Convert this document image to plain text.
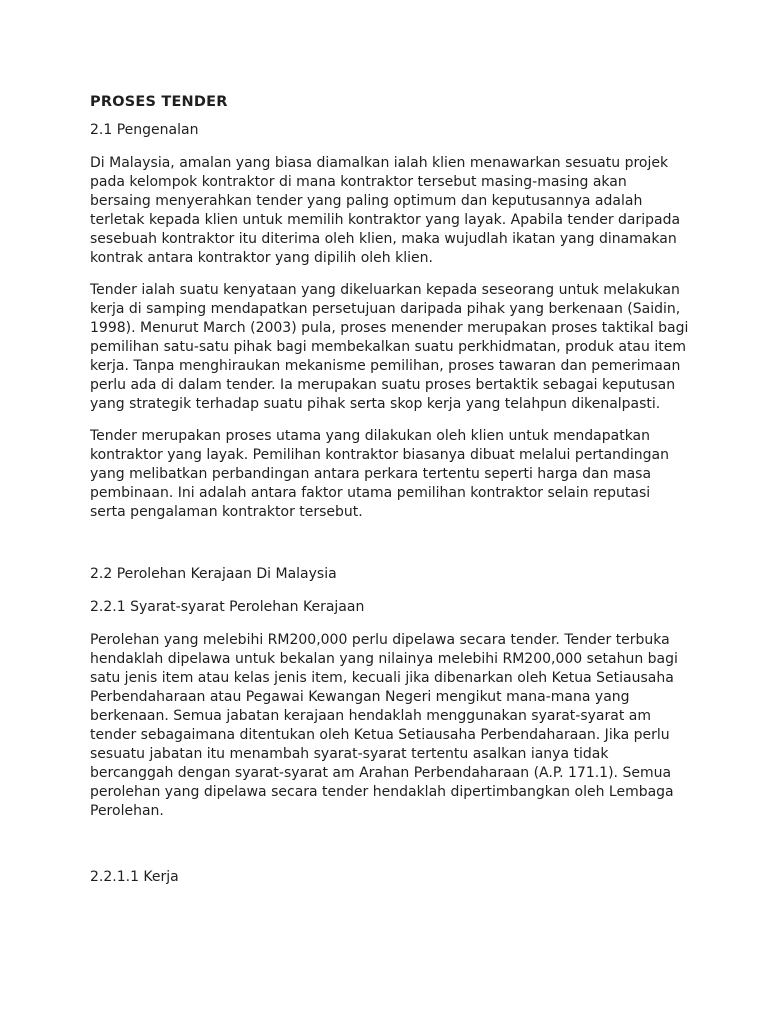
PROSES TENDER
2.1 Pengenalan

Di Malaysia, amalan yang biasa diamalkan ialah klien menawarkan sesuatu projek pada kelompok kontraktor di mana kontraktor tersebut masing-masing akan bersaing menyerahkan tender yang paling optimum dan keputusannya adalah terletak kepada klien untuk memilih kontraktor yang layak. Apabila tender daripada sesebuah kontraktor itu diterima oleh klien, maka wujudlah ikatan yang dinamakan kontrak antara kontraktor yang dipilih oleh klien.

Tender ialah suatu kenyataan yang dikeluarkan kepada seseorang untuk melakukan kerja di samping mendapatkan persetujuan daripada pihak yang berkenaan (Saidin, 1998). Menurut March (2003) pula, proses menender merupakan proses taktikal bagi pemilihan satu-satu pihak bagi membekalkan suatu perkhidmatan, produk atau item kerja. Tanpa menghiraukan mekanisme pemilihan, proses tawaran dan pemerimaan perlu ada di dalam tender. Ia merupakan suatu proses bertaktik sebagai keputusan yang strategik terhadap suatu pihak serta skop kerja yang telahpun dikenalpasti.

Tender merupakan proses utama yang dilakukan oleh klien untuk mendapatkan kontraktor yang layak. Pemilihan kontraktor biasanya dibuat melalui pertandingan yang melibatkan perbandingan antara perkara tertentu seperti harga dan masa pembinaan. Ini adalah antara faktor utama pemilihan kontraktor selain reputasi serta pengalaman kontraktor tersebut.

2.2 Perolehan Kerajaan Di Malaysia
2.2.1 Syarat-syarat Perolehan Kerajaan

Perolehan yang melebihi RM200,000 perlu dipelawa secara tender. Tender terbuka hendaklah dipelawa untuk bekalan yang nilainya melebihi RM200,000 setahun bagi satu jenis item atau kelas jenis item, kecuali jika dibenarkan oleh Ketua Setiausaha Perbendaharaan atau Pegawai Kewangan Negeri mengikut mana-mana yang berkenaan. Semua jabatan kerajaan hendaklah menggunakan syarat-syarat am tender sebagaimana ditentukan oleh Ketua Setiausaha Perbendaharaan. Jika perlu sesuatu jabatan itu menambah syarat-syarat tertentu asalkan ianya tidak bercanggah dengan syarat-syarat am Arahan Perbendaharaan (A.P. 171.1). Semua perolehan yang dipelawa secara tender hendaklah dipertimbangkan oleh Lembaga Perolehan.

2.2.1.1 Kerja
